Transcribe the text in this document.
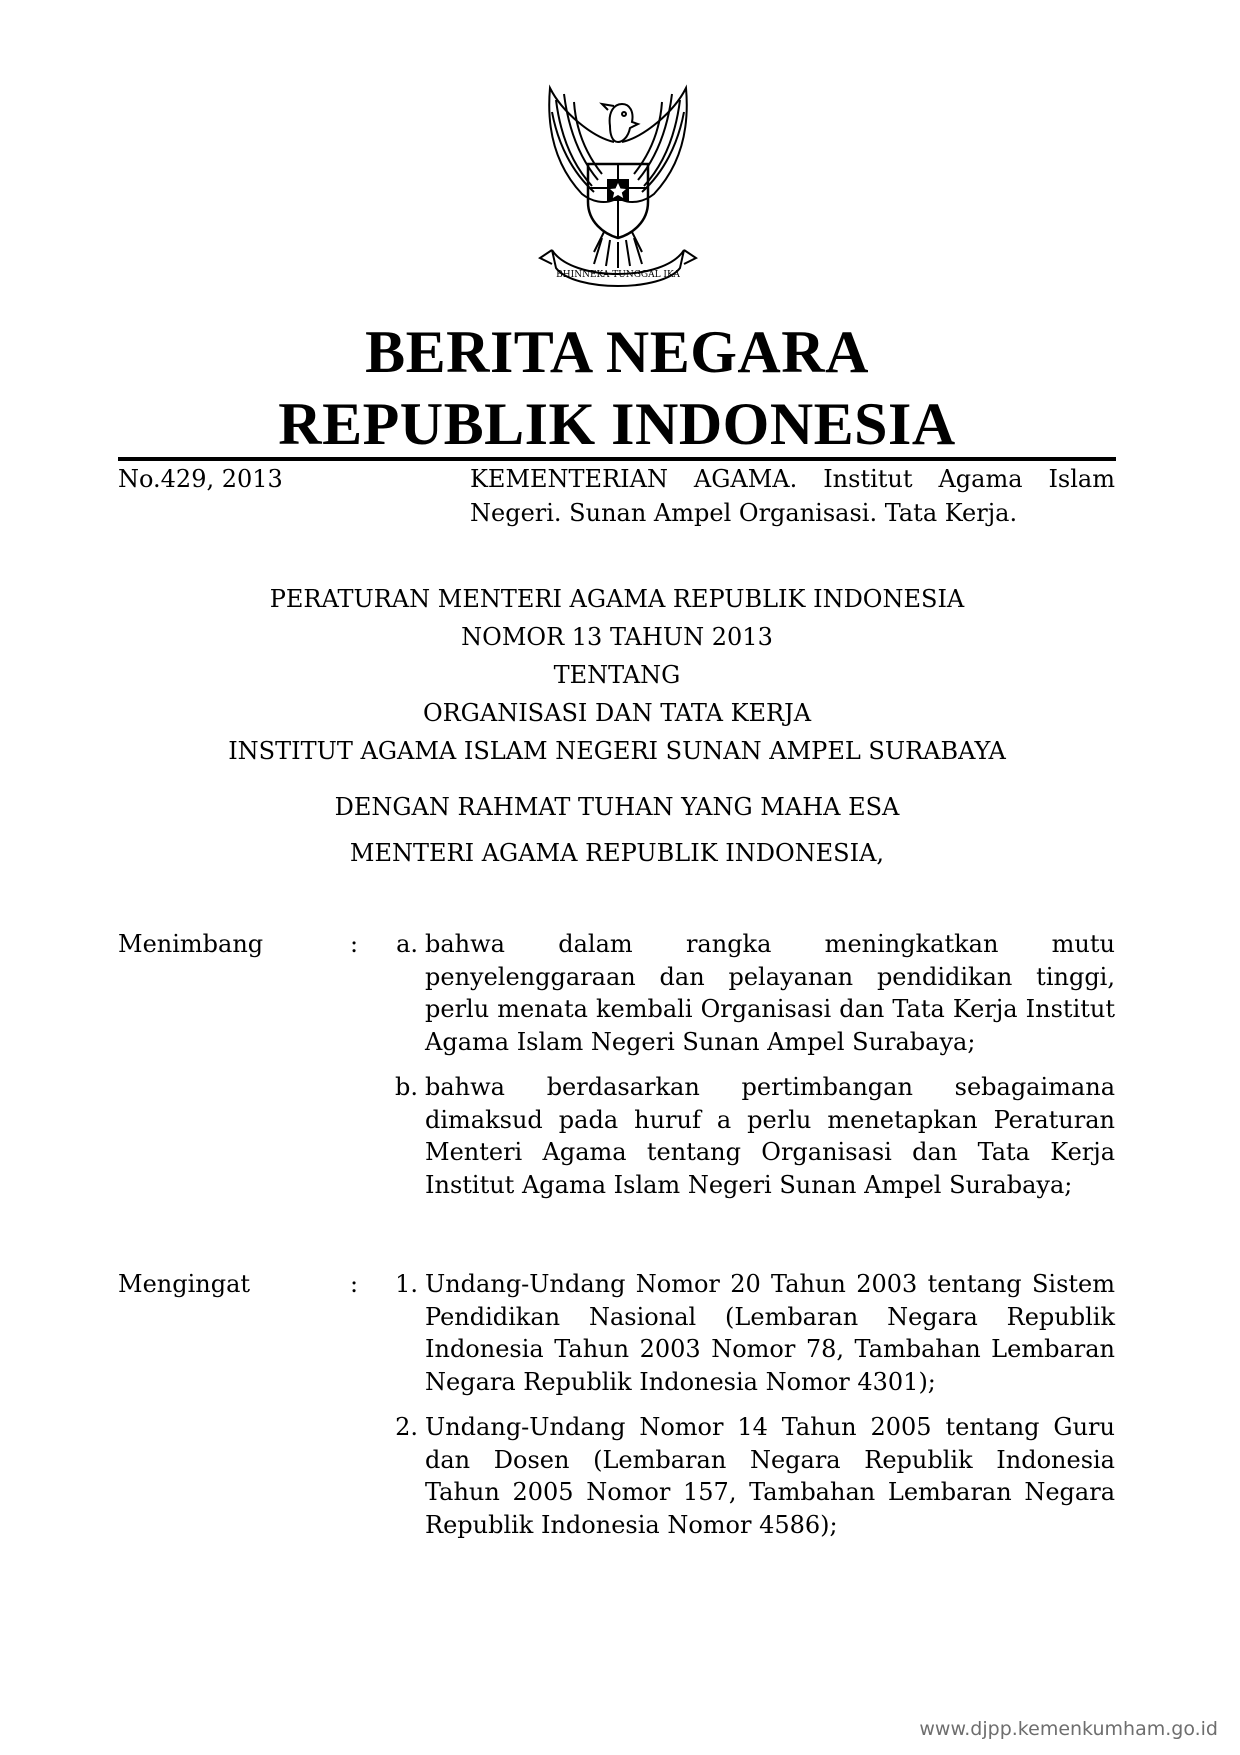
BHINNEKA TUNGGAL IKA
BERITA NEGARA
REPUBLIK INDONESIA
No.429, 2013	KEMENTERIAN AGAMA. Institut Agama Islam
Negeri. Sunan Ampel Organisasi. Tata Kerja.
PERATURAN MENTERI AGAMA REPUBLIK INDONESIA
NOMOR 13 TAHUN 2013
TENTANG
ORGANISASI DAN TATA KERJA
INSTITUT AGAMA ISLAM NEGERI SUNAN AMPEL SURABAYA
DENGAN RAHMAT TUHAN YANG MAHA ESA
MENTERI AGAMA REPUBLIK INDONESIA,
Menimbang	:	a. bahwa dalam rangka meningkatkan mutu penyelenggaraan dan pelayanan pendidikan tinggi, perlu menata kembali Organisasi dan Tata Kerja Institut Agama Islam Negeri Sunan Ampel Surabaya;
b. bahwa berdasarkan pertimbangan sebagaimana dimaksud pada huruf a perlu menetapkan Peraturan Menteri Agama tentang Organisasi dan Tata Kerja Institut Agama Islam Negeri Sunan Ampel Surabaya;
Mengingat	:	1. Undang-Undang Nomor 20 Tahun 2003 tentang Sistem Pendidikan Nasional (Lembaran Negara Republik Indonesia Tahun 2003 Nomor 78, Tambahan Lembaran Negara Republik Indonesia Nomor 4301);
2. Undang-Undang Nomor 14 Tahun 2005 tentang Guru dan Dosen (Lembaran Negara Republik Indonesia Tahun 2005 Nomor 157, Tambahan Lembaran Negara Republik Indonesia Nomor 4586);
www.djpp.kemenkumham.go.id
